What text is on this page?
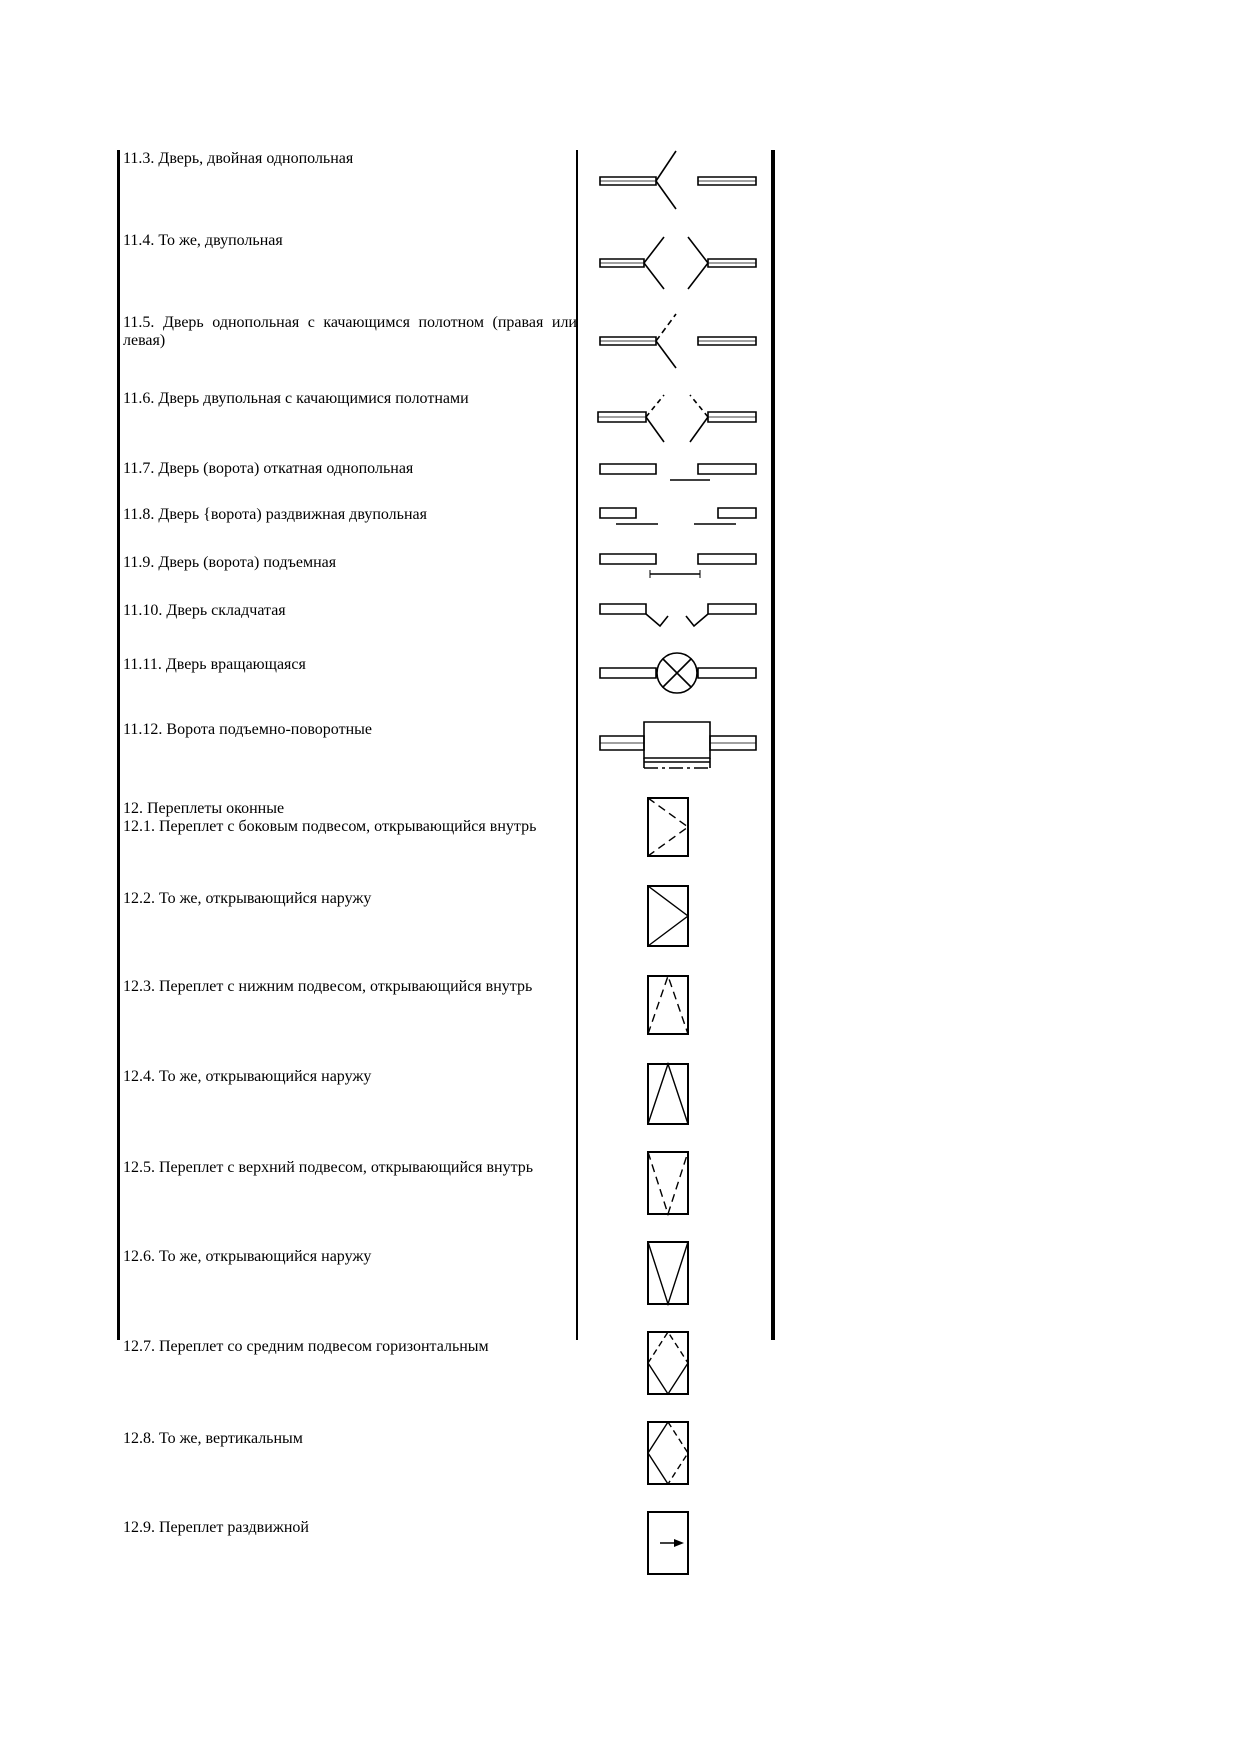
11.3. Дверь, двойная однопольная
11.4. То же, двупольная
11.5. Дверь однопольная с качающимся полотном (правая или левая)
11.6. Дверь двупольная с качающимися полотнами
11.7. Дверь (ворота) откатная однопольная
11.8. Дверь {ворота) раздвижная двупольная
11.9. Дверь (ворота) подъемная
11.10. Дверь складчатая
11.11. Дверь вращающаяся
11.12. Ворота подъемно-поворотные
12. Переплеты оконные
12.1. Переплет с боковым подвесом, открывающийся внутрь
12.2. То же, открывающийся наружу
12.3. Переплет с нижним подвесом, открывающийся внутрь
12.4. То же, открывающийся наружу
12.5. Переплет с верхний подвесом, открывающийся внутрь
12.6. То же, открывающийся наружу
12.7. Переплет со средним подвесом горизонтальным
12.8. То же, вертикальным
12.9. Переплет раздвижной
